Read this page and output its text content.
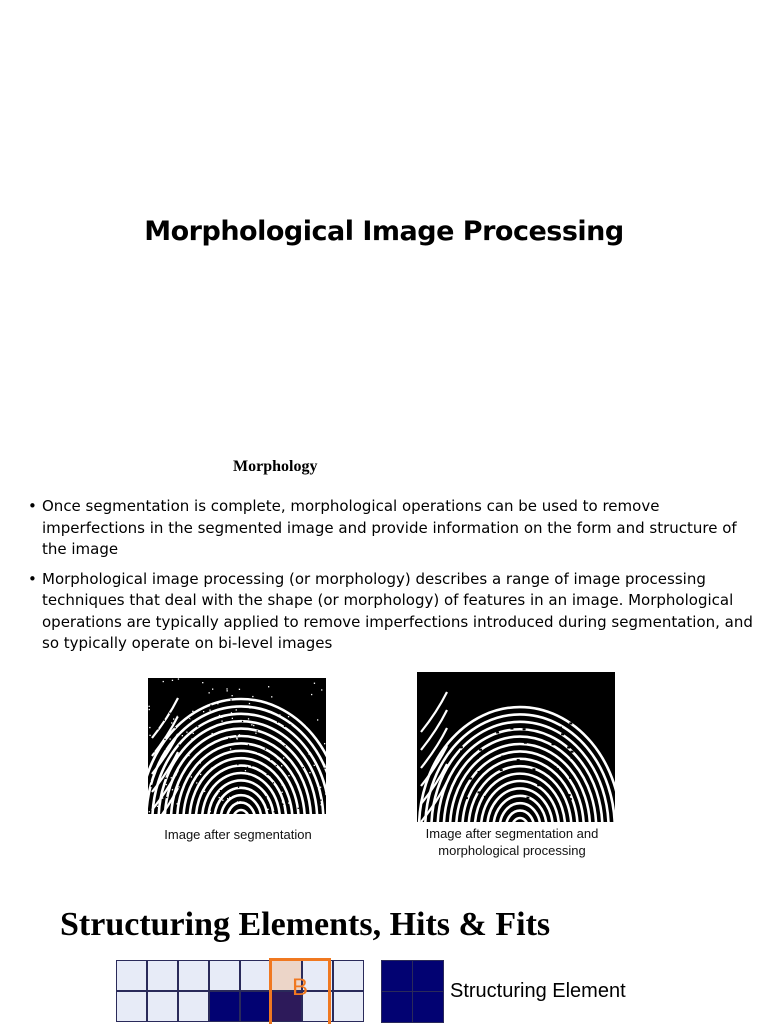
Morphological Image Processing
Morphology
• Once segmentation is complete, morphological operations can be used to remove imperfections in the segmented image and provide information on the form and structure of the image
• Morphological image processing (or morphology) describes a range of image processing techniques that deal with the shape (or morphology) of features in an image. Morphological operations are typically applied to remove imperfections introduced during segmentation, and so typically operate on bi-level images
Image after segmentation	Image after segmentation and
morphological processing
Structuring Elements, Hits & Fits
B	Structuring Element
